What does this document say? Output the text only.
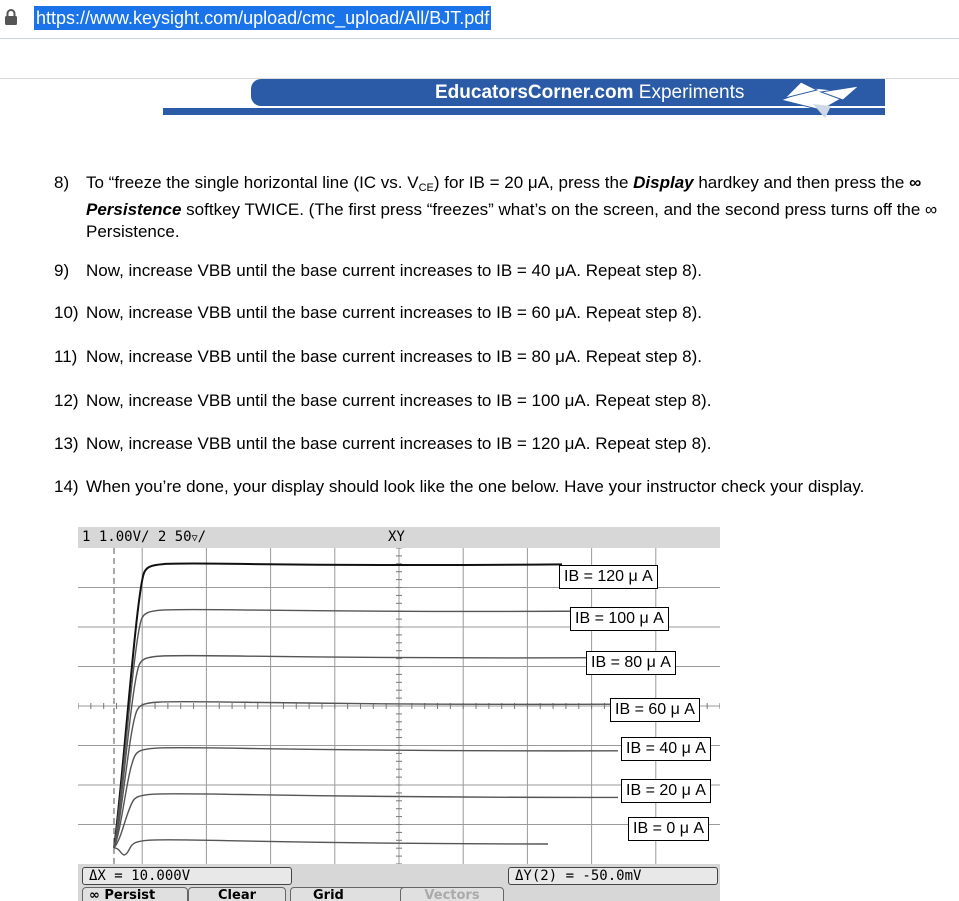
https://www.keysight.com/upload/cmc_upload/All/BJT.pdf
EducatorsCorner.com Experiments
8) To “freeze the single horizontal line (IC vs. $V_{CE}$) for IB = 20 μA, press the Display hardkey and then press the ∞ Persistence softkey TWICE. (The first press “freezes” what’s on the screen, and the second press turns off the ∞ Persistence.
9) Now, increase VBB until the base current increases to IB = 40 μA. Repeat step 8).
10) Now, increase VBB until the base current increases to IB = 60 μA. Repeat step 8).
11) Now, increase VBB until the base current increases to IB = 80 μA. Repeat step 8).
12) Now, increase VBB until the base current increases to IB = 100 μA. Repeat step 8).
13) Now, increase VBB until the base current increases to IB = 120 μA. Repeat step 8).
14) When you’re done, your display should look like the one below. Have your instructor check your display.
1 1.00V/ 2 50▽/	XY
IB = 120 μ A
IB = 100 μ A
IB = 80 μ A
IB = 60 μ A
IB = 40 μ A
IB = 20 μ A
IB = 0 μ A
ΔX = 10.000V	ΔY(2) = -50.0mV
∞ Persist	Clear	Grid	Vectors
